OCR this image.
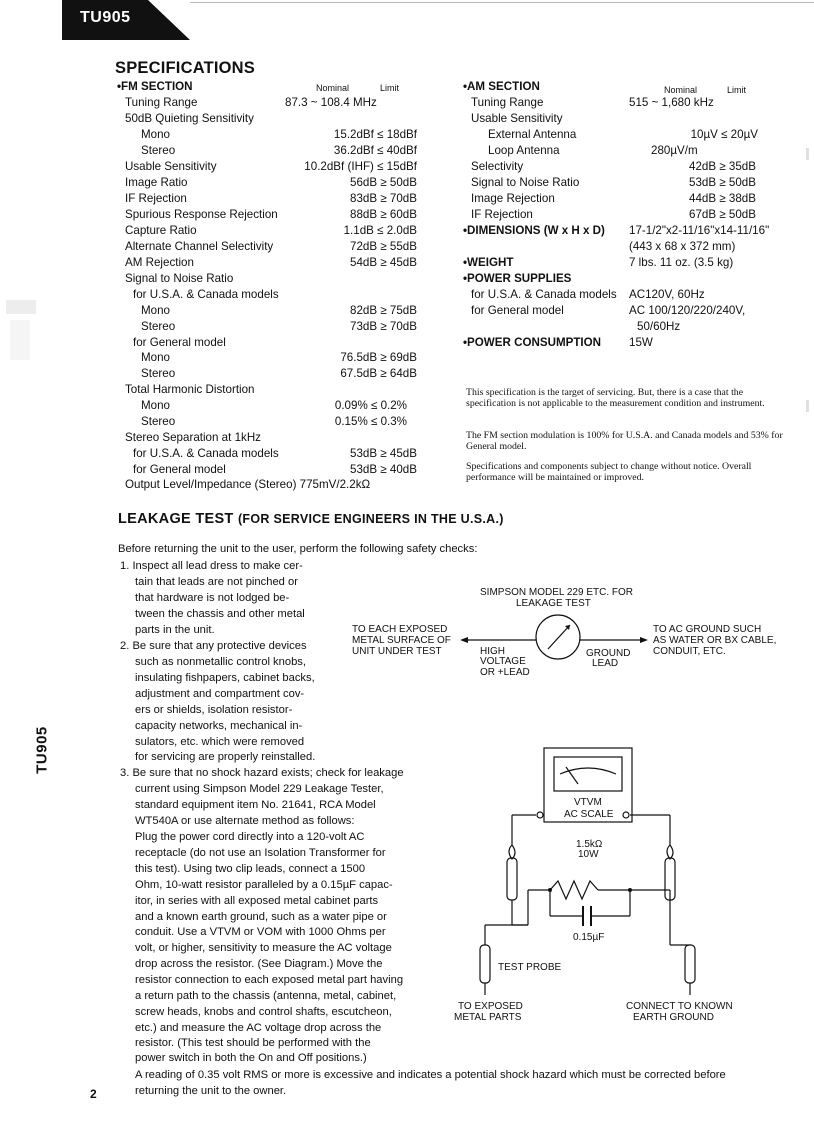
TU905
SPECIFICATIONS
•FM SECTION	Nominal	Limit
Tuning Range	87.3 ~ 108.4 MHz
50dB Quieting Sensitivity
Mono	15.2dBf ≤ 18dBf
Stereo	36.2dBf ≤ 40dBf
Usable Sensitivity	10.2dBf (IHF) ≤ 15dBf
Image Ratio	56dB ≥ 50dB
IF Rejection	83dB ≥ 70dB
Spurious Response Rejection	88dB ≥ 60dB
Capture Ratio	1.1dB ≤ 2.0dB
Alternate Channel Selectivity	72dB ≥ 55dB
AM Rejection	54dB ≥ 45dB
Signal to Noise Ratio
for U.S.A. & Canada models
Mono	82dB ≥ 75dB
Stereo	73dB ≥ 70dB
for General model
Mono	76.5dB ≥ 69dB
Stereo	67.5dB ≥ 64dB
Total Harmonic Distortion
Mono	0.09% ≤ 0.2%
Stereo	0.15% ≤ 0.3%
Stereo Separation at 1kHz
for U.S.A. & Canada models	53dB ≥ 45dB
for General model	53dB ≥ 40dB
Output Level/Impedance (Stereo) 775mV/2.2kΩ
•AM SECTION	Nominal	Limit
Tuning Range	515 ~ 1,680 kHz
Usable Sensitivity
External Antenna	10µV ≤ 20µV
Loop Antenna	280µV/m
Selectivity	42dB ≥ 35dB
Signal to Noise Ratio	53dB ≥ 50dB
Image Rejection	44dB ≥ 38dB
IF Rejection	67dB ≥ 50dB
•DIMENSIONS (W x H x D) 17-1/2"x2-11/16"x14-11/16"
(443 x 68 x 372 mm)
•WEIGHT	7 lbs. 11 oz. (3.5 kg)
•POWER SUPPLIES
for U.S.A. & Canada models AC120V, 60Hz
for General model	AC 100/120/220/240V,
50/60Hz
•POWER CONSUMPTION 15W
This specification is the target of servicing. But, there is a case that the specification is not applicable to the measurement condition and instrument.
The FM section modulation is 100% for U.S.A. and Canada models and 53% for General model.
Specifications and components subject to change without notice. Overall performance will be maintained or improved.
LEAKAGE TEST (FOR SERVICE ENGINEERS IN THE U.S.A.)
Before returning the unit to the user, perform the following safety checks:
1. Inspect all lead dress to make cer-
tain that leads are not pinched or
that hardware is not lodged be-
tween the chassis and other metal
parts in the unit.
2. Be sure that any protective devices
such as nonmetallic control knobs,
insulating fishpapers, cabinet backs,
adjustment and compartment cov-
ers or shields, isolation resistor-
capacity networks, mechanical in-
sulators, etc. which were removed
for servicing are properly reinstalled.
3. Be sure that no shock hazard exists; check for leakage
current using Simpson Model 229 Leakage Tester,
standard equipment item No. 21641, RCA Model
WT540A or use alternate method as follows:
Plug the power cord directly into a 120-volt AC
receptacle (do not use an Isolation Transformer for
this test). Using two clip leads, connect a 1500
Ohm, 10-watt resistor paralleled by a 0.15µF capac-
itor, in series with all exposed metal cabinet parts
and a known earth ground, such as a water pipe or
conduit. Use a VTVM or VOM with 1000 Ohms per
volt, or higher, sensitivity to measure the AC voltage
drop across the resistor. (See Diagram.) Move the
resistor connection to each exposed metal part having
a return path to the chassis (antenna, metal, cabinet,
screw heads, knobs and control shafts, escutcheon,
etc.) and measure the AC voltage drop across the
resistor. (This test should be performed with the
power switch in both the On and Off positions.)
A reading of 0.35 volt RMS or more is excessive and indicates a potential shock hazard which must be corrected before
returning the unit to the owner.
SIMPSON MODEL 229 ETC. FOR
LEAKAGE TEST
TO EACH EXPOSED
METAL SURFACE OF
UNIT UNDER TEST
TO AC GROUND SUCH
AS WATER OR BX CABLE,
CONDUIT, ETC.
HIGH
VOLTAGE
OR +LEAD
GROUND
LEAD
VTVM
AC SCALE
1.5kΩ
10W
0.15µF
TEST PROBE
TO EXPOSED
METAL PARTS
CONNECT TO KNOWN
EARTH GROUND
TU905
2
